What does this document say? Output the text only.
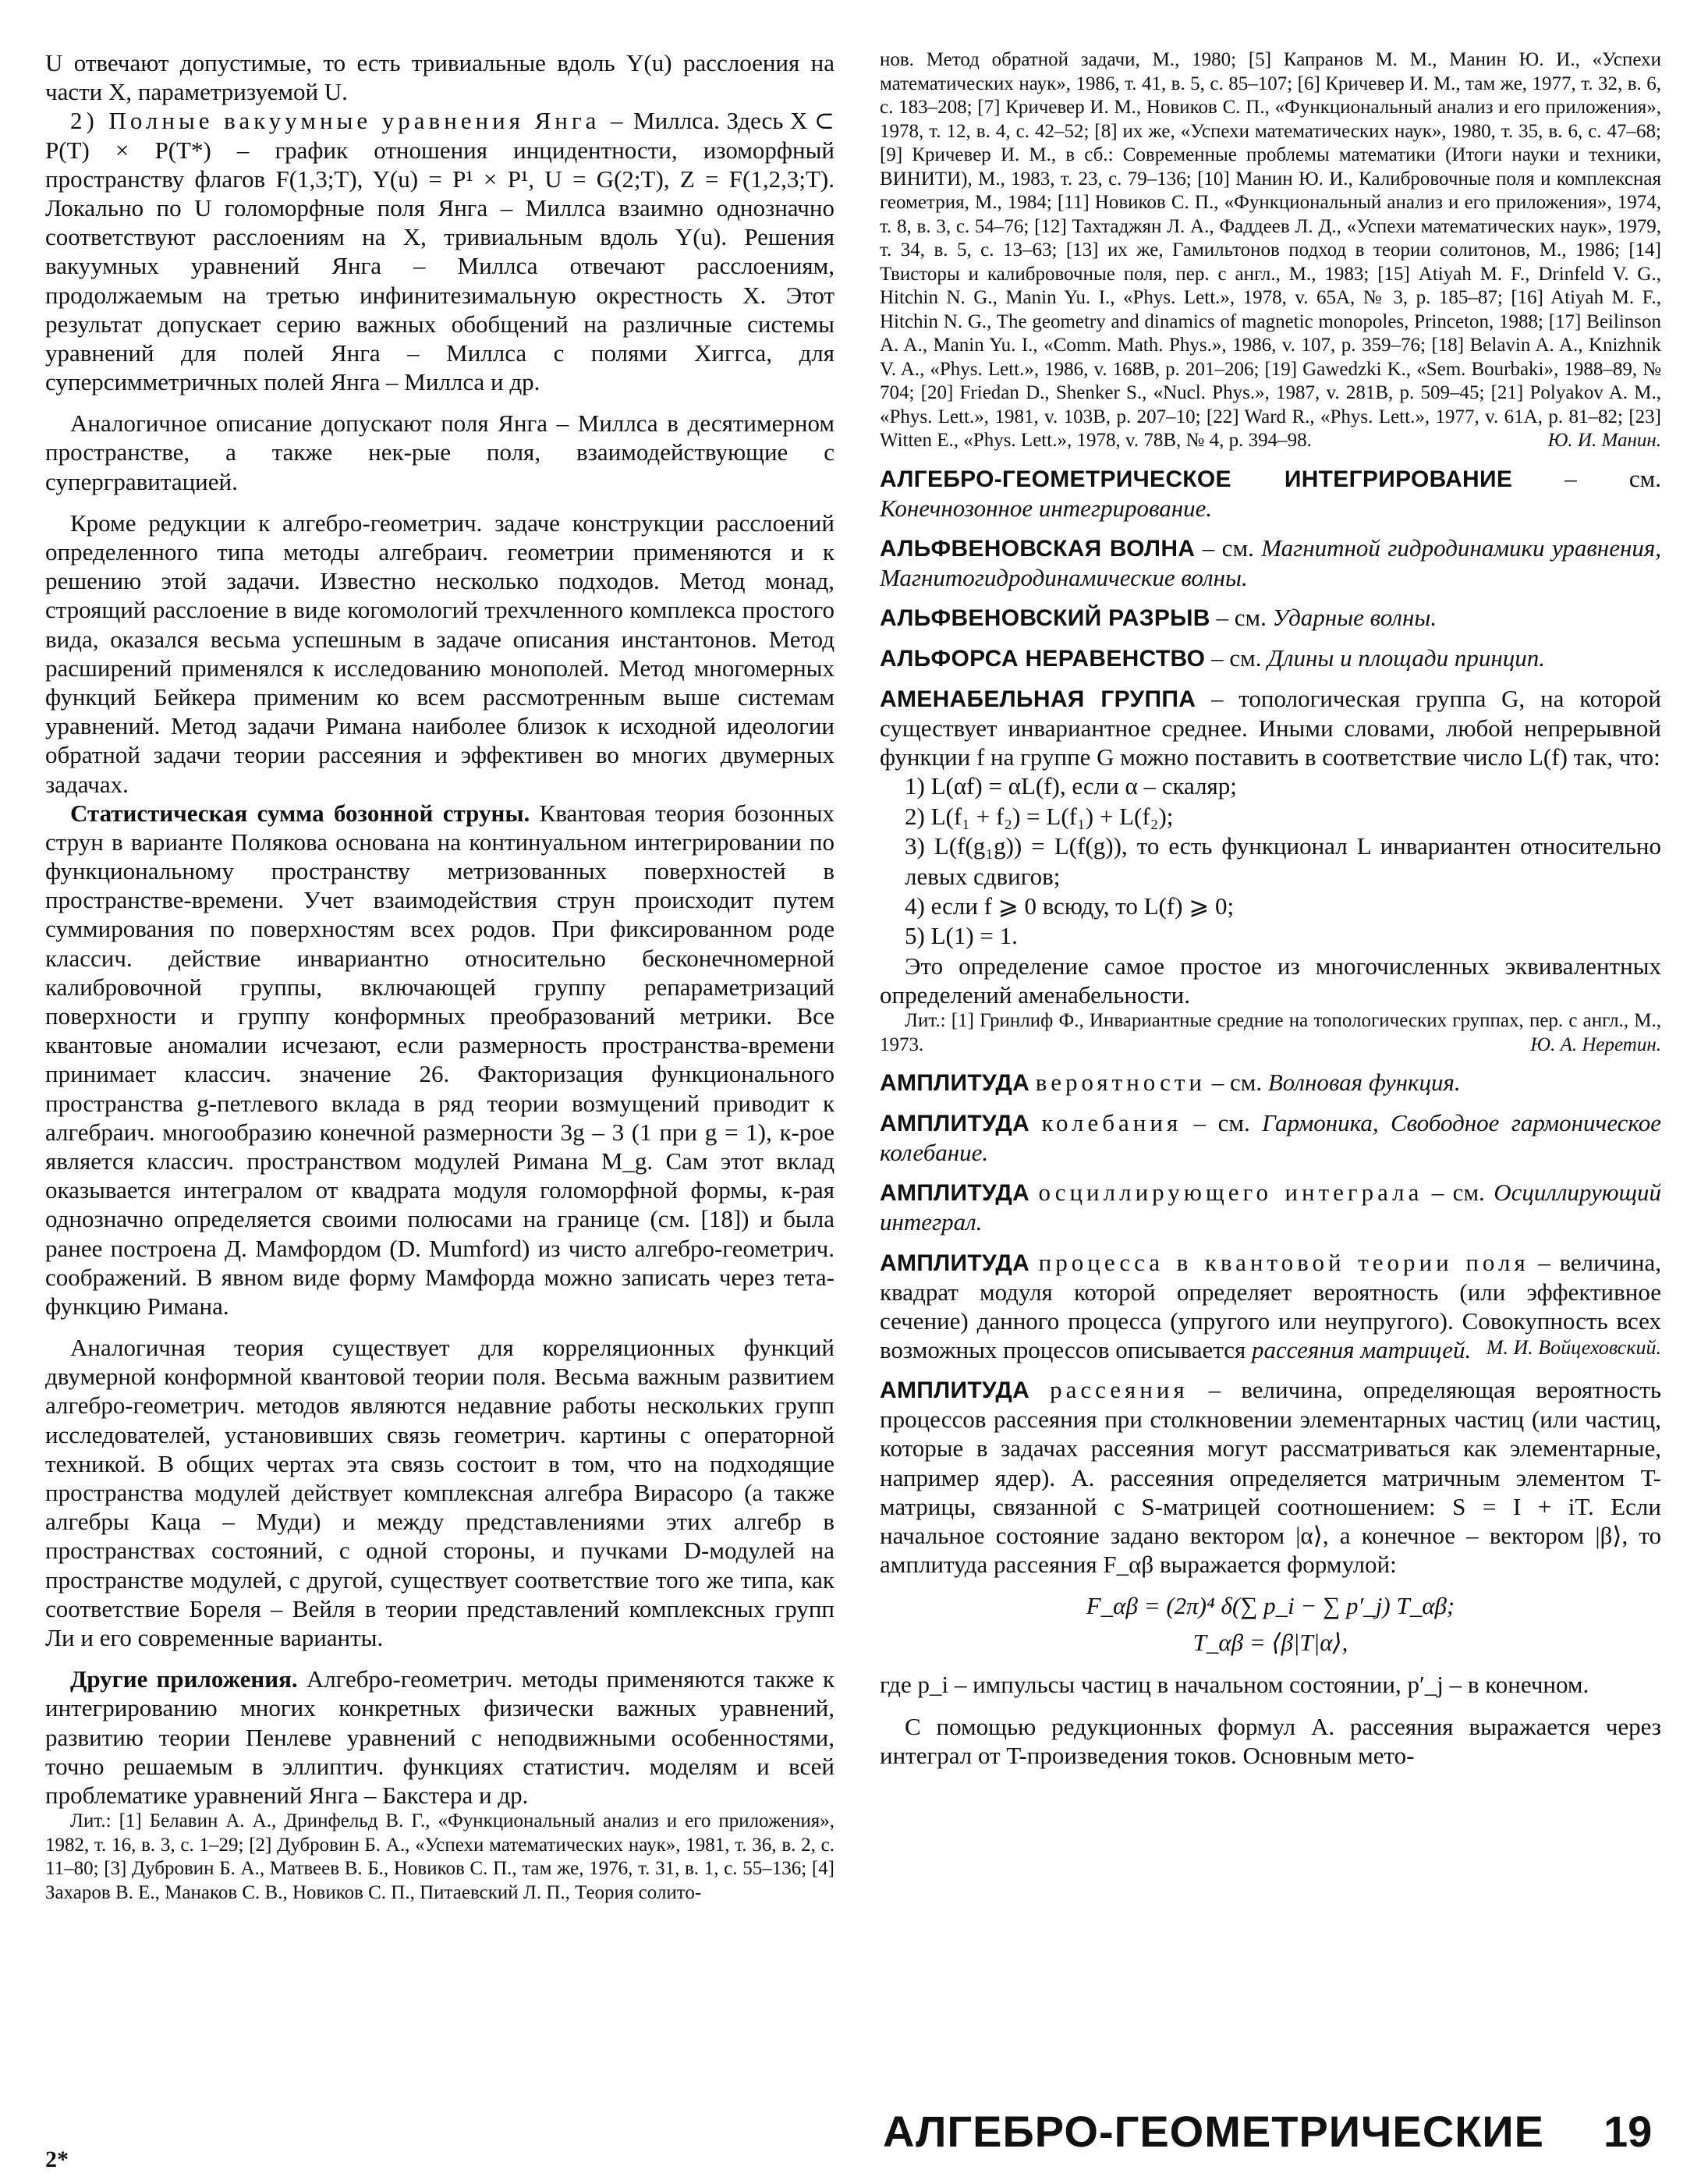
U отвечают допустимые, то есть тривиальные вдоль Y(u) расслоения на части X, параметризуемой U.

2) Полные вакуумные уравнения Янга – Миллса. Здесь X ⊂ P(T) × P(T*) – график отношения инцидентности, изоморфный пространству флагов F(1,3;T), Y(u) = P¹ × P¹, U = G(2;T), Z = F(1,2,3;T). Локально по U голоморфные поля Янга – Миллса взаимно однозначно соответствуют расслоениям на X, тривиальным вдоль Y(u). Решения вакуумных уравнений Янга – Миллса отвечают расслоениям, продолжаемым на третью инфинитезимальную окрестность X. Этот результат допускает серию важных обобщений на различные системы уравнений для полей Янга – Миллса с полями Хиггса, для суперсимметричных полей Янга – Миллса и др.

Аналогичное описание допускают поля Янга – Миллса в десятимерном пространстве, а также нек-рые поля, взаимодействующие с супергравитацией.

Кроме редукции к алгебро-геометрич. задаче конструкции расслоений определенного типа методы алгебраич. геометрии применяются и к решению этой задачи. Известно несколько подходов. Метод монад, строящий расслоение в виде когомологий трехчленного комплекса простого вида, оказался весьма успешным в задаче описания инстантонов. Метод расширений применялся к исследованию монополей. Метод многомерных функций Бейкера применим ко всем рассмотренным выше системам уравнений. Метод задачи Римана наиболее близок к исходной идеологии обратной задачи теории рассеяния и эффективен во многих двумерных задачах.

Статистическая сумма бозонной струны. Квантовая теория бозонных струн в варианте Полякова основана на континуальном интегрировании по функциональному пространству метризованных поверхностей в пространстве-времени. Учет взаимодействия струн происходит путем суммирования по поверхностям всех родов. При фиксированном роде классич. действие инвариантно относительно бесконечномерной калибровочной группы, включающей группу репараметризаций поверхности и группу конформных преобразований метрики. Все квантовые аномалии исчезают, если размерность пространства-времени принимает классич. значение 26. Факторизация функционального пространства g-петлевого вклада в ряд теории возмущений приводит к алгебраич. многообразию конечной размерности 3g – 3 (1 при g = 1), к-рое является классич. пространством модулей Римана M_g. Сам этот вклад оказывается интегралом от квадрата модуля голоморфной формы, к-рая однозначно определяется своими полюсами на границе (см. [18]) и была ранее построена Д. Мамфордом (D. Mumford) из чисто алгебро-геометрич. соображений. В явном виде форму Мамфорда можно записать через тета-функцию Римана.

Аналогичная теория существует для корреляционных функций двумерной конформной квантовой теории поля. Весьма важным развитием алгебро-геометрич. методов являются недавние работы нескольких групп исследователей, установивших связь геометрич. картины с операторной техникой. В общих чертах эта связь состоит в том, что на подходящие пространства модулей действует комплексная алгебра Вирасоро (а также алгебры Каца – Муди) и между представлениями этих алгебр в пространствах состояний, с одной стороны, и пучками D-модулей на пространстве модулей, с другой, существует соответствие того же типа, как соответствие Бореля – Вейля в теории представлений комплексных групп Ли и его современные варианты.

Другие приложения. Алгебро-геометрич. методы применяются также к интегрированию многих конкретных физически важных уравнений, развитию теории Пенлеве уравнений с неподвижными особенностями, точно решаемым в эллиптич. функциях статистич. моделям и всей проблематике уравнений Янга – Бакстера и др.

Лит.: [1] Белавин А. А., Дринфельд В. Г., «Функциональный анализ и его приложения», 1982, т. 16, в. 3, с. 1–29; [2] Дубровин Б. А., «Успехи математических наук», 1981, т. 36, в. 2, с. 11–80; [3] Дубровин Б. А., Матвеев В. Б., Новиков С. П., там же, 1976, т. 31, в. 1, с. 55–136; [4] Захаров В. Е., Манаков С. В., Новиков С. П., Питаевский Л. П., Теория солито-

нов. Метод обратной задачи, М., 1980; [5] Капранов М. М., Манин Ю. И., «Успехи математических наук», 1986, т. 41, в. 5, с. 85–107; [6] Кричевер И. М., там же, 1977, т. 32, в. 6, с. 183–208; [7] Кричевер И. М., Новиков С. П., «Функциональный анализ и его приложения», 1978, т. 12, в. 4, с. 42–52; [8] их же, «Успехи математических наук», 1980, т. 35, в. 6, с. 47–68; [9] Кричевер И. М., в сб.: Современные проблемы математики (Итоги науки и техники, ВИНИТИ), М., 1983, т. 23, с. 79–136; [10] Манин Ю. И., Калибровочные поля и комплексная геометрия, М., 1984; [11] Новиков С. П., «Функциональный анализ и его приложения», 1974, т. 8, в. 3, с. 54–76; [12] Тахтаджян Л. А., Фаддеев Л. Д., «Успехи математических наук», 1979, т. 34, в. 5, с. 13–63; [13] их же, Гамильтонов подход в теории солитонов, М., 1986; [14] Твисторы и калибровочные поля, пер. с англ., М., 1983; [15] Atiyah M. F., Drinfeld V. G., Hitchin N. G., Manin Yu. I., «Phys. Lett.», 1978, v. 65A, № 3, p. 185–87; [16] Atiyah M. F., Hitchin N. G., The geometry and dinamics of magnetic monopoles, Princeton, 1988; [17] Beilinson A. A., Manin Yu. I., «Comm. Math. Phys.», 1986, v. 107, p. 359–76; [18] Belavin A. A., Knizhnik V. A., «Phys. Lett.», 1986, v. 168B, p. 201–206; [19] Gawedzki K., «Sem. Bourbaki», 1988–89, № 704; [20] Friedan D., Shenker S., «Nucl. Phys.», 1987, v. 281B, p. 509–45; [21] Polyakov A. M., «Phys. Lett.», 1981, v. 103B, p. 207–10; [22] Ward R., «Phys. Lett.», 1977, v. 61A, p. 81–82; [23] Witten E., «Phys. Lett.», 1978, v. 78B, № 4, p. 394–98.	Ю. И. Манин.

АЛГЕБРО-ГЕОМЕТРИЧЕСКОЕ ИНТЕГРИРОВАНИЕ – см. Конечнозонное интегрирование.

АЛЬФВЕНОВСКАЯ ВОЛНА – см. Магнитной гидродинамики уравнения, Магнитогидродинамические волны.

АЛЬФВЕНОВСКИЙ РАЗРЫВ – см. Ударные волны.

АЛЬФОРСА НЕРАВЕНСТВО – см. Длины и площади принцип.

АМЕНАБЕЛЬНАЯ ГРУППА – топологическая группа G, на которой существует инвариантное среднее. Иными словами, любой непрерывной функции f на группе G можно поставить в соответствие число L(f) так, что:

1) L(αf) = αL(f), если α – скаляр;

2) L(f₁ + f₂) = L(f₁) + L(f₂);

3) L(f(g₁g)) = L(f(g)), то есть функционал L инвариантен относительно левых сдвигов;

4) если f ⩾ 0 всюду, то L(f) ⩾ 0;

5) L(1) = 1.

Это определение самое простое из многочисленных эквивалентных определений аменабельности.

Лит.: [1] Гринлиф Ф., Инвариантные средние на топологических группах, пер. с англ., М., 1973.	Ю. А. Неретин.

АМПЛИТУДА вероятности – см. Волновая функция.

АМПЛИТУДА колебания – см. Гармоника, Свободное гармоническое колебание.

АМПЛИТУДА осциллирующего интеграла – см. Осциллирующий интеграл.

АМПЛИТУДА процесса в квантовой теории поля – величина, квадрат модуля которой определяет вероятность (или эффективное сечение) данного процесса (упругого или неупругого). Совокупность всех возможных процессов описывается рассеяния матрицей. М. И. Войцеховский.

АМПЛИТУДА рассеяния – величина, определяющая вероятность процессов рассеяния при столкновении элементарных частиц (или частиц, которые в задачах рассеяния могут рассматриваться как элементарные, например ядер). А. рассеяния определяется матричным элементом T-матрицы, связанной с S-матрицей соотношением: S = I + iT. Если начальное состояние задано вектором |α⟩, а конечное – вектором |β⟩, то амплитуда рассеяния F_αβ выражается формулой:

F_αβ = (2π)⁴ δ(∑ p_i − ∑ p′_j) T_αβ;
T_αβ = ⟨β|T|α⟩,

где p_i – импульсы частиц в начальном состоянии, p′_j – в конечном.

С помощью редукционных формул А. рассеяния выражается через интеграл от T-произведения токов. Основным мето-

АЛГЕБРО-ГЕОМЕТРИЧЕСКИЕ 19
2*
